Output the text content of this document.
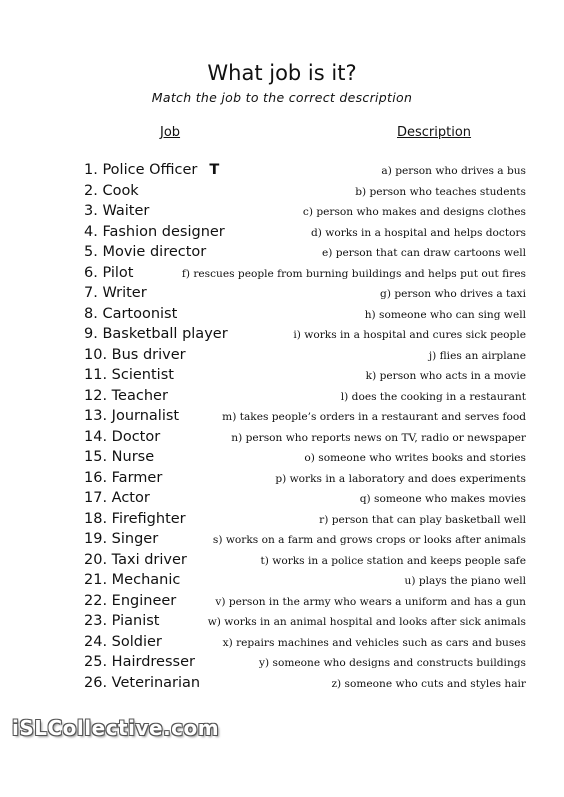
What job is it?
Match the job to the correct description
Job	Description
1. Police Officer T	a) person who drives a bus
2. Cook	b) person who teaches students
3. Waiter	c) person who makes and designs clothes
4. Fashion designer	d) works in a hospital and helps doctors
5. Movie director	e) person that can draw cartoons well
6. Pilot	f) rescues people from burning buildings and helps put out fires
7. Writer	g) person who drives a taxi
8. Cartoonist	h) someone who can sing well
9. Basketball player	i) works in a hospital and cures sick people
10. Bus driver	j) flies an airplane
11. Scientist	k) person who acts in a movie
12. Teacher	l) does the cooking in a restaurant
13. Journalist	m) takes people’s orders in a restaurant and serves food
14. Doctor	n) person who reports news on TV, radio or newspaper
15. Nurse	o) someone who writes books and stories
16. Farmer	p) works in a laboratory and does experiments
17. Actor	q) someone who makes movies
18. Firefighter	r) person that can play basketball well
19. Singer	s) works on a farm and grows crops or looks after animals
20. Taxi driver	t) works in a police station and keeps people safe
21. Mechanic	u) plays the piano well
22. Engineer	v) person in the army who wears a uniform and has a gun
23. Pianist	w) works in an animal hospital and looks after sick animals
24. Soldier	x) repairs machines and vehicles such as cars and buses
25. Hairdresser	y) someone who designs and constructs buildings
26. Veterinarian	z) someone who cuts and styles hair
iSLCollective.com
